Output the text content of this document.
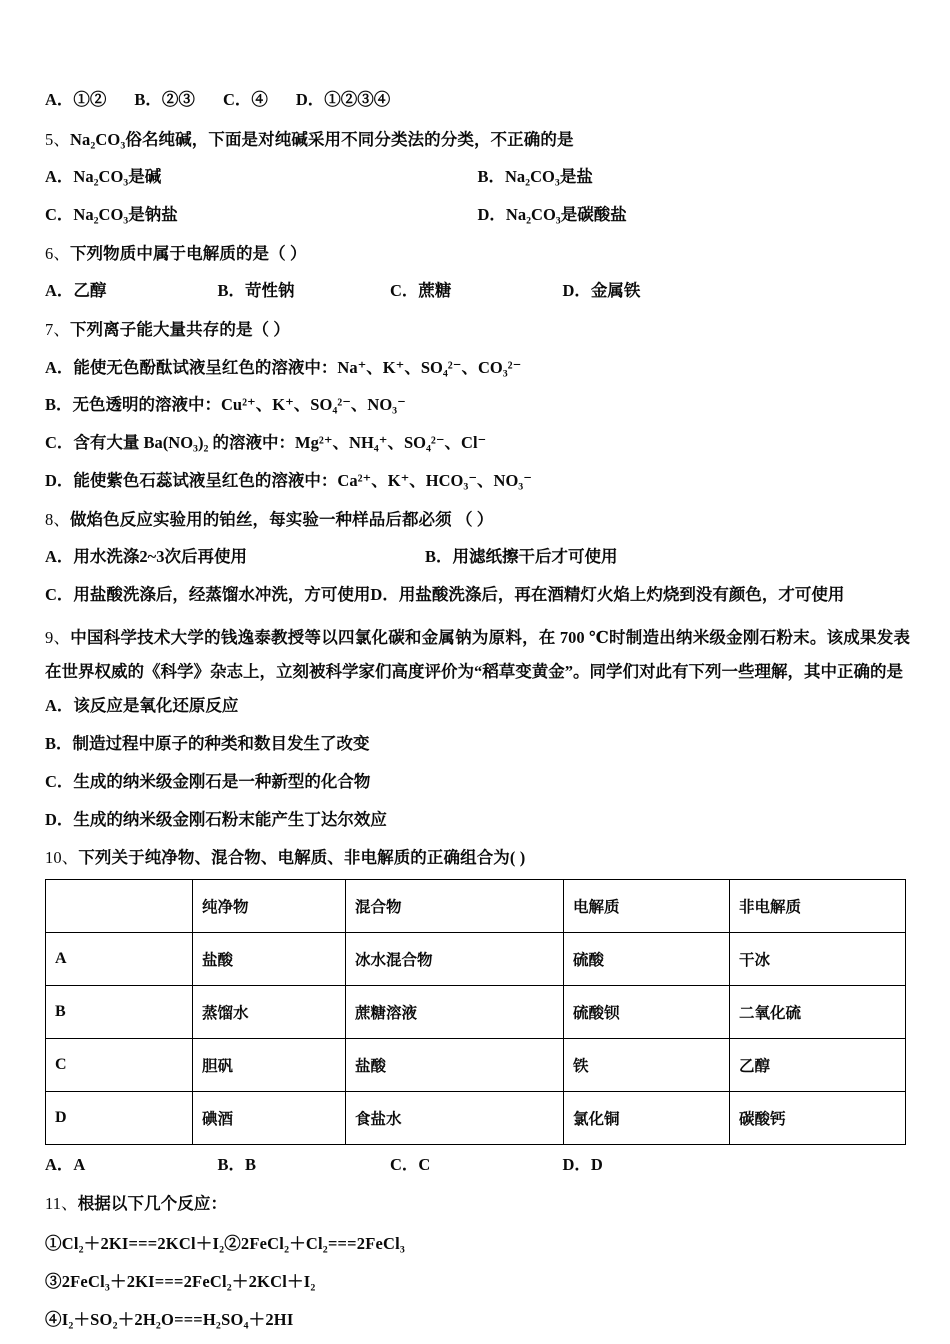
A．①② B．②③ C．④ D．①②③④
5、Na₂CO₃俗名纯碱，下面是对纯碱采用不同分类法的分类，不正确的是
A．Na₂CO₃是碱	B．Na₂CO₃是盐
C．Na₂CO₃是钠盐	D．Na₂CO₃是碳酸盐
6、下列物质中属于电解质的是（ ）
A．乙醇	B．苛性钠	C．蔗糖	D．金属铁
7、下列离子能大量共存的是（ ）
A．能使无色酚酞试液呈红色的溶液中：Na⁺、K⁺、SO₄²⁻、CO₃²⁻
B．无色透明的溶液中：Cu²⁺、K⁺、SO₄²⁻、NO₃⁻
C．含有大量 Ba(NO₃)₂ 的溶液中：Mg²⁺、NH₄⁺、SO₄²⁻、Cl⁻
D．能使紫色石蕊试液呈红色的溶液中：Ca²⁺、K⁺、HCO₃⁻、NO₃⁻
8、做焰色反应实验用的铂丝，每实验一种样品后都必须 （ ）
A．用水洗涤2~3次后再使用	B．用滤纸擦干后才可使用
C．用盐酸洗涤后，经蒸馏水冲洗，方可使用 D．用盐酸洗涤后，再在酒精灯火焰上灼烧到没有颜色，才可使用
9、中国科学技术大学的钱逸泰教授等以四氯化碳和金属钠为原料，在 700 ℃时制造出纳米级金刚石粉末。该成果发表在世界权威的《科学》杂志上，立刻被科学家们高度评价为“稻草变黄金”。同学们对此有下列一些理解，其中正确的是
A．该反应是氧化还原反应
B．制造过程中原子的种类和数目发生了改变
C．生成的纳米级金刚石是一种新型的化合物
D．生成的纳米级金刚石粉末能产生丁达尔效应
10、下列关于纯净物、混合物、电解质、非电解质的正确组合为( )
	纯净物	混合物	电解质	非电解质
A	盐酸	冰水混合物	硫酸	干冰
B	蒸馏水	蔗糖溶液	硫酸钡	二氧化硫
C	胆矾	盐酸	铁	乙醇
D	碘酒	食盐水	氯化铜	碳酸钙
A．A	B．B	C．C	D．D
11、根据以下几个反应：
①Cl₂＋2KI===2KCl＋I₂②2FeCl₂＋Cl₂===2FeCl₃
③2FeCl₃＋2KI===2FeCl₂＋2KCl＋I₂
④I₂＋SO₂＋2H₂O===H₂SO₄＋2HI
